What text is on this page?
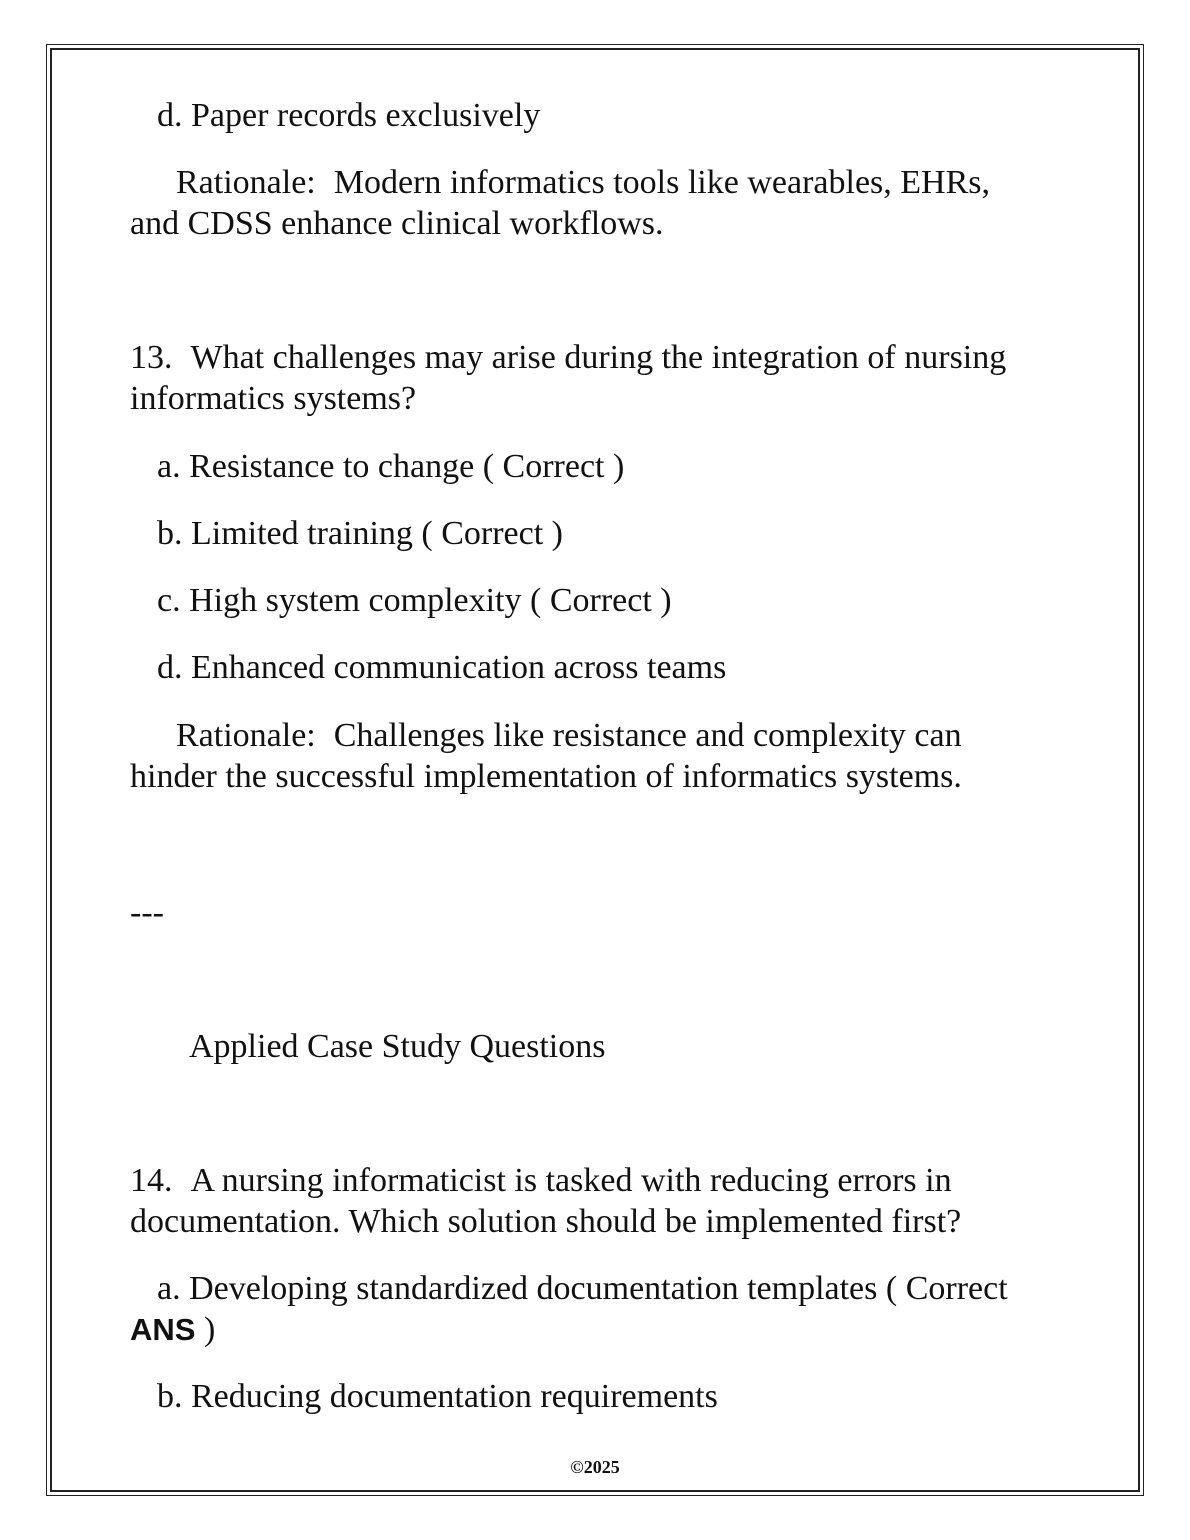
d. Paper records exclusively
Rationale: Modern informatics tools like wearables, EHRs,
and CDSS enhance clinical workflows.
13. What challenges may arise during the integration of nursing
informatics systems?
a. Resistance to change ( Correct )
b. Limited training ( Correct )
c. High system complexity ( Correct )
d. Enhanced communication across teams
Rationale: Challenges like resistance and complexity can
hinder the successful implementation of informatics systems.
---
Applied Case Study Questions
14. A nursing informaticist is tasked with reducing errors in
documentation. Which solution should be implemented first?
a. Developing standardized documentation templates ( Correct
ANS )
b. Reducing documentation requirements
©2025
